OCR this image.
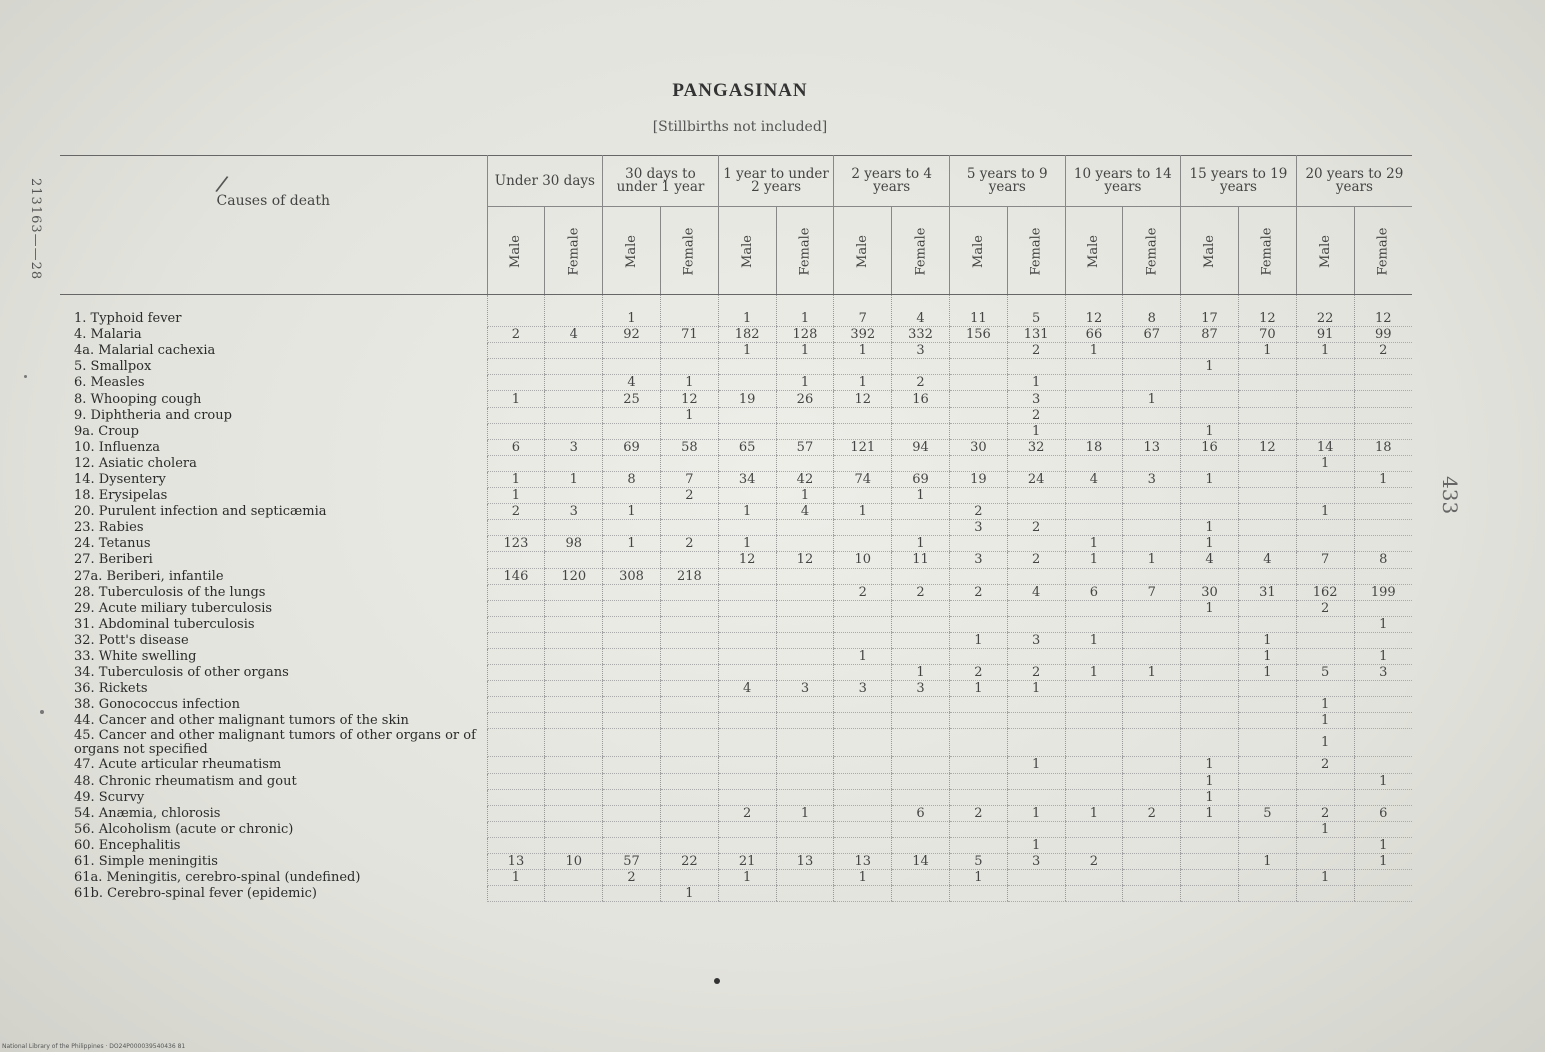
213163——28
PANGASINAN
[Stillbirths not included]
/
Causes of death	Under 30 days		30 days to under 1 year		1 year to under 2 years		2 years to 4 years		5 years to 9 years		10 years to 14 years		15 years to 19 years		20 years to 29 years	
	Male	Female	Male	Female	Male	Female	Male	Female	Male	Female	Male	Female	Male	Female	Male	Female
1. Typhoid fever			1		1	1	7	4	11	5	12	8	17	12	22	12
4. Malaria	2	4	92	71	182	128	392	332	156	131	66	67	87	70	91	99
4a. Malarial cachexia					1	1	1	3		2	1			1	1	2
5. Smallpox													1			
6. Measles			4	1		1	1	2		1						
8. Whooping cough	1		25	12	19	26	12	16		3		1				
9. Diphtheria and croup				1						2						
9a. Croup										1			1			
10. Influenza	6	3	69	58	65	57	121	94	30	32	18	13	16	12	14	18
12. Asiatic cholera															1	
14. Dysentery	1	1	8	7	34	42	74	69	19	24	4	3	1			1
18. Erysipelas	1			2		1		1								
20. Purulent infection and septicæmia	2	3	1		1	4	1		2						1	
23. Rabies									3	2			1			
24. Tetanus	123	98	1	2	1			1			1		1			
27. Beriberi					12	12	10	11	3	2	1	1	4	4	7	8
27a. Beriberi, infantile	146	120	308	218												
28. Tuberculosis of the lungs							2	2	2	4	6	7	30	31	162	199
29. Acute miliary tuberculosis													1		2	
31. Abdominal tuberculosis																1
32. Pott's disease									1	3	1			1		
33. White swelling							1							1		1
34. Tuberculosis of other organs								1	2	2	1	1		1	5	3
36. Rickets					4	3	3	3	1	1						
38. Gonococcus infection															1	
44. Cancer and other malignant tumors of the skin															1	
45. Cancer and other malignant tumors of other organs or of organs not specified															1	
47. Acute articular rheumatism										1			1		2	
48. Chronic rheumatism and gout													1			1
49. Scurvy													1			
54. Anæmia, chlorosis					2	1		6	2	1	1	2	1	5	2	6
56. Alcoholism (acute or chronic)															1	
60. Encephalitis										1						1
61. Simple meningitis	13	10	57	22	21	13	13	14	5	3	2			1		1
61a. Meningitis, cerebro-spinal (undefined)	1		2		1		1		1						1	
61b. Cerebro-spinal fever (epidemic)				1												
433
National Library of the Philippines · DO24P000039540436 81
